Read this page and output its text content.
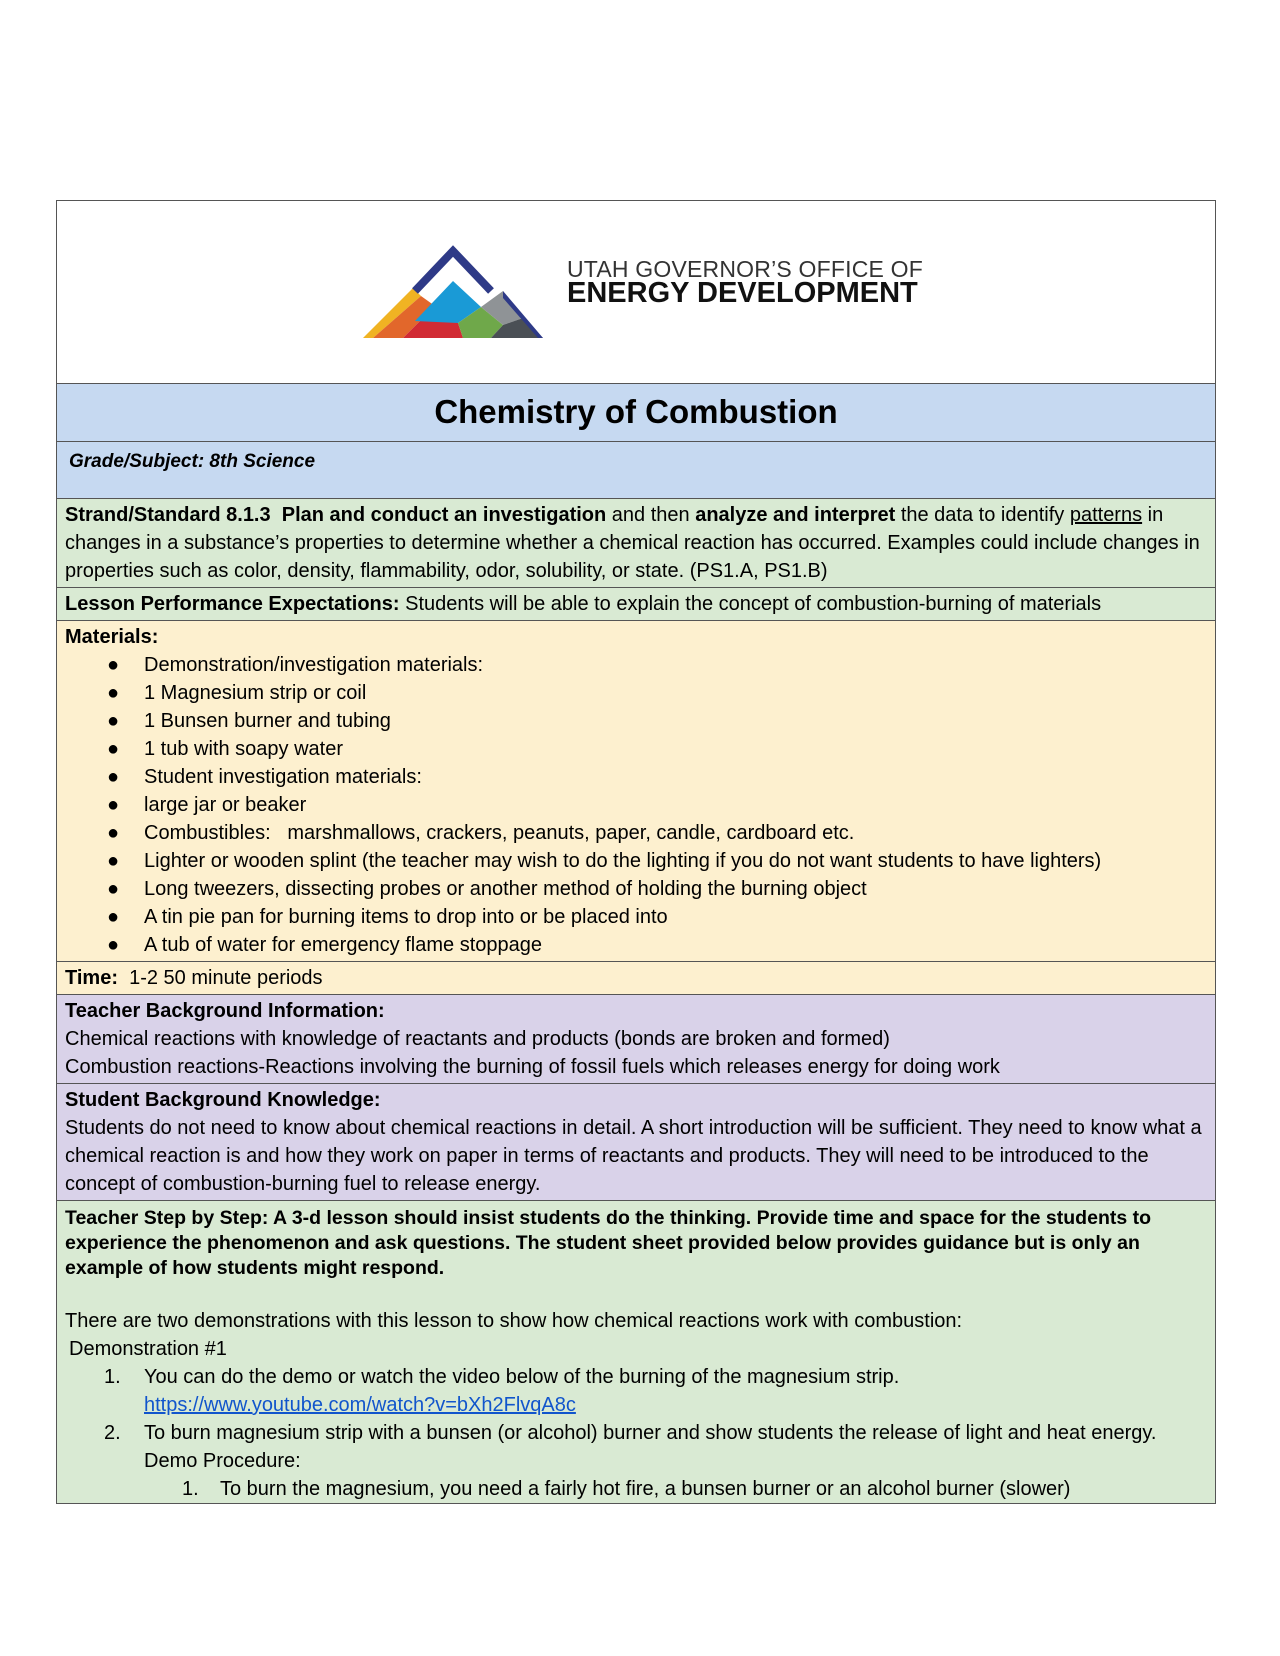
UTAH GOVERNOR’S OFFICE OF
ENERGY DEVELOPMENT
Chemistry of Combustion
Grade/Subject: 8th Science
Strand/Standard 8.1.3 Plan and conduct an investigation and then analyze and interpret the data to identify patterns in changes in a substance’s properties to determine whether a chemical reaction has occurred. Examples could include changes in properties such as color, density, flammability, odor, solubility, or state. (PS1.A, PS1.B)
Lesson Performance Expectations: Students will be able to explain the concept of combustion-burning of materials
Materials:
● Demonstration/investigation materials:
● 1 Magnesium strip or coil
● 1 Bunsen burner and tubing
● 1 tub with soapy water
● Student investigation materials:
● large jar or beaker
● Combustibles:   marshmallows, crackers, peanuts, paper, candle, cardboard etc.
● Lighter or wooden splint (the teacher may wish to do the lighting if you do not want students to have lighters)
● Long tweezers, dissecting probes or another method of holding the burning object
● A tin pie pan for burning items to drop into or be placed into
● A tub of water for emergency flame stoppage
Time:  1-2 50 minute periods
Teacher Background Information:
Chemical reactions with knowledge of reactants and products (bonds are broken and formed)
Combustion reactions-Reactions involving the burning of fossil fuels which releases energy for doing work
Student Background Knowledge:
Students do not need to know about chemical reactions in detail. A short introduction will be sufficient. They need to know what a chemical reaction is and how they work on paper in terms of reactants and products. They will need to be introduced to the concept of combustion-burning fuel to release energy.
Teacher Step by Step: A 3-d lesson should insist students do the thinking. Provide time and space for the students to experience the phenomenon and ask questions. The student sheet provided below provides guidance but is only an example of how students might respond.
There are two demonstrations with this lesson to show how chemical reactions work with combustion:
Demonstration #1
1. You can do the demo or watch the video below of the burning of the magnesium strip.
https://www.youtube.com/watch?v=bXh2FlvqA8c
2. To burn magnesium strip with a bunsen (or alcohol) burner and show students the release of light and heat energy. Demo Procedure:
1. To burn the magnesium, you need a fairly hot fire, a bunsen burner or an alcohol burner (slower)
